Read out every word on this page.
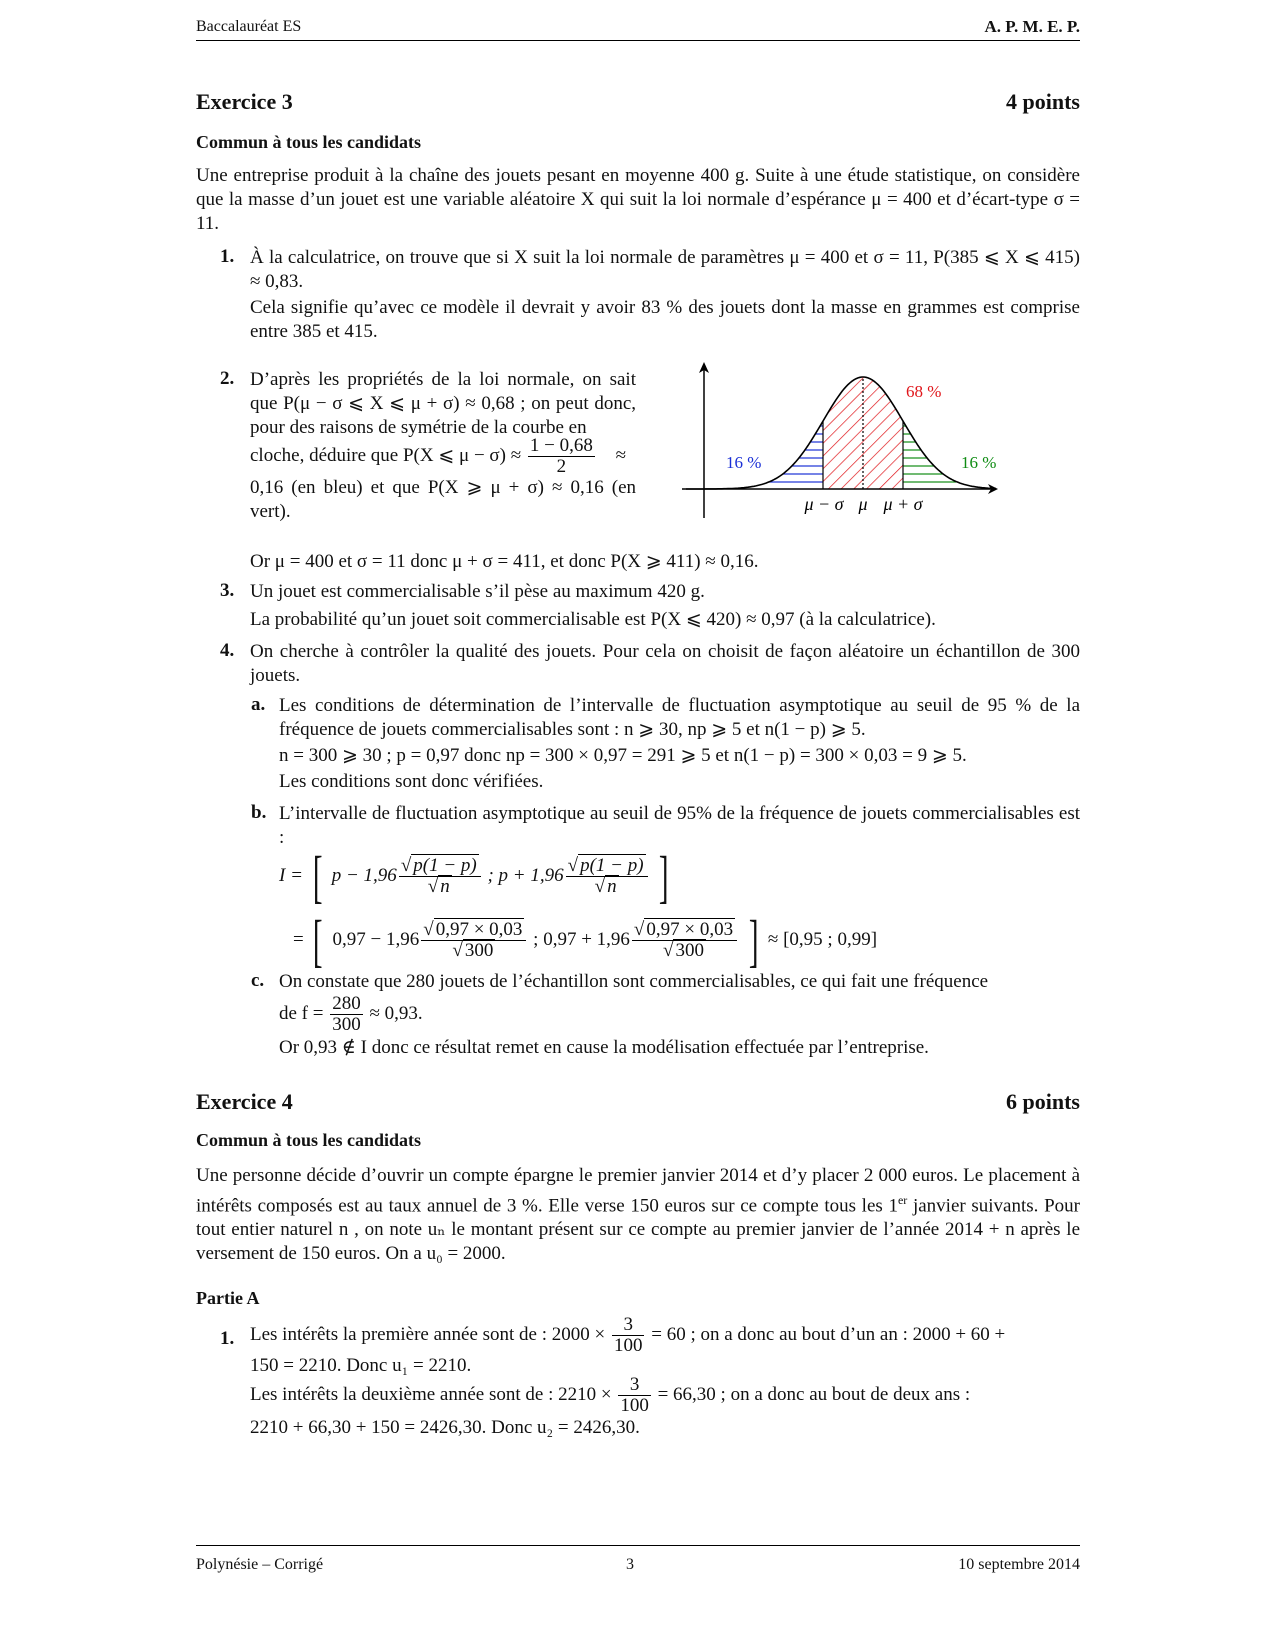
Baccalauréat ES	A. P. M. E. P.
Exercice 3	4 points
Commun à tous les candidats
Une entreprise produit à la chaîne des jouets pesant en moyenne 400 g. Suite à une étude statistique, on considère que la masse d’un jouet est une variable aléatoire X qui suit la loi normale d’espérance μ = 400 et d’écart-type σ = 11.
1. À la calculatrice, on trouve que si X suit la loi normale de paramètres μ = 400 et σ = 11, P(385 ⩽ X ⩽ 415) ≈ 0,83.
Cela signifie qu’avec ce modèle il devrait y avoir 83 % des jouets dont la masse en grammes est comprise entre 385 et 415.
2. D’après les propriétés de la loi normale, on sait que P(μ − σ ⩽ X ⩽ μ + σ) ≈ 0,68 ; on peut donc, pour des raisons de symétrie de la courbe en
cloche, déduire que P(X ⩽ $\mu - \sigma) \approx \frac{1 - 0,68}{2}$ ≈
0,16 (en bleu) et que P(X ⩾ μ + σ) ≈ 0,16 (en vert).
68 %
16 %	16 %
μ − σ μ μ + σ
Or μ = 400 et σ = 11 donc μ + σ = 411, et donc P(X ⩾ 411) ≈ 0,16.
3. Un jouet est commercialisable s’il pèse au maximum 420 g.
La probabilité qu’un jouet soit commercialisable est P(X ⩽ 420) ≈ 0,97 (à la calculatrice).
4. On cherche à contrôler la qualité des jouets. Pour cela on choisit de façon aléatoire un échantillon de 300 jouets.
a. Les conditions de détermination de l’intervalle de fluctuation asymptotique au seuil de 95 % de la fréquence de jouets commercialisables sont : n ⩾ 30, np ⩾ 5 et n(1 − p) ⩾ 5.
n = 300 ⩾ 30 ; p = 0,97 donc np = 300 × 0,97 = 291 ⩾ 5 et n(1 − p) = 300 × 0,03 = 9 ⩾ 5.
Les conditions sont donc vérifiées.
b. L’intervalle de fluctuation asymptotique au seuil de 95% de la fréquence de jouets commercialisables est :
I = [ $p - 1,96 \frac{√ p(1 - p)}{√ n}$ ; $p + 1,96 \frac{√ p(1 - p)}{√ n}$ ]
= [ $0,97 - 1,96 \frac{√ 0,97 \times 0,03}{√ 300}$ ; $0,97 + 1,96 \frac{√ 0,97 \times 0,03}{√ 300}$ ] ≈ [0,95 ; 0,99]
c. On constate que 280 jouets de l’échantillon sont commercialisables, ce qui fait une fréquence
de $f = \frac{280}{300} \approx 0,93$.
Or 0,93 ∉ I donc ce résultat remet en cause la modélisation effectuée par l’entreprise.
Exercice 4	6 points
Commun à tous les candidats
Une personne décide d’ouvrir un compte épargne le premier janvier 2014 et d’y placer 2 000 euros. Le placement à intérêts composés est au taux annuel de 3 %. Elle verse 150 euros sur ce compte tous les 1er janvier suivants. Pour tout entier naturel n , on note uₙ le montant présent sur ce compte au premier janvier de l’année 2014 + n après le versement de 150 euros. On a u₀ = 2000.
Partie A
1. Les intérêts la première année sont de : $2000 \times \frac{3}{100} = 60$ ; on a donc au bout d’un an : 2000 + 60 +
150 = 2210. Donc u₁ = 2210.
Les intérêts la deuxième année sont de : $2210 \times \frac{3}{100} = 66,30$ ; on a donc au bout de deux ans :
2210 + 66,30 + 150 = 2426,30. Donc u₂ = 2426,30.
Polynésie – Corrigé	3	10 septembre 2014
